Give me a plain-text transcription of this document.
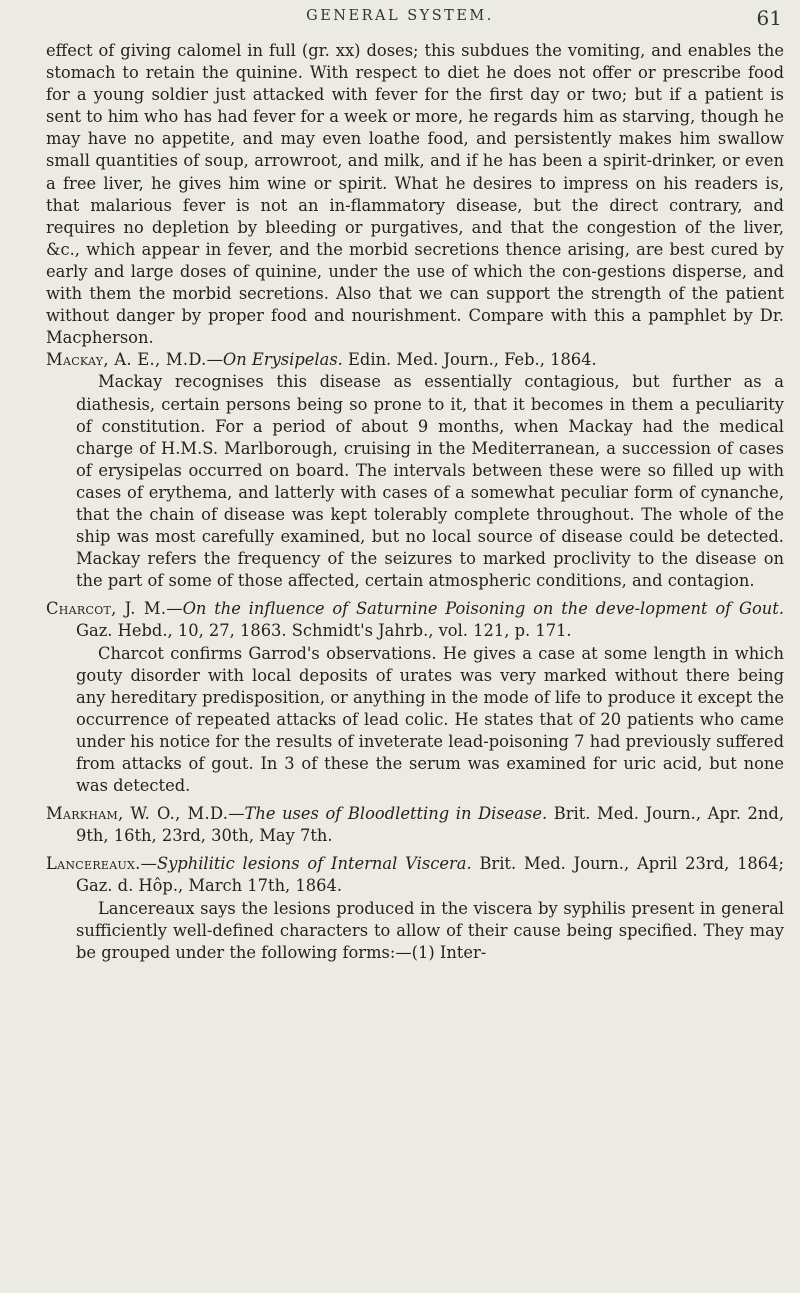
GENERAL SYSTEM.	61

effect of giving calomel in full (gr. xx) doses; this subdues the vomiting, and enables the stomach to retain the quinine. With respect to diet he does not offer or prescribe food for a young soldier just attacked with fever for the first day or two; but if a patient is sent to him who has had fever for a week or more, he regards him as starving, though he may have no appetite, and may even loathe food, and persistently makes him swallow small quantities of soup, arrowroot, and milk, and if he has been a spirit-drinker, or even a free liver, he gives him wine or spirit. What he desires to impress on his readers is, that malarious fever is not an in-flammatory disease, but the direct contrary, and requires no depletion by bleeding or purgatives, and that the congestion of the liver, &c., which appear in fever, and the morbid secretions thence arising, are best cured by early and large doses of quinine, under the use of which the con-gestions disperse, and with them the morbid secretions. Also that we can support the strength of the patient without danger by proper food and nourishment. Compare with this a pamphlet by Dr. Macpherson.

Mackay, A. E., M.D.—On Erysipelas. Edin. Med. Journ., Feb., 1864.

Mackay recognises this disease as essentially contagious, but further as a diathesis, certain persons being so prone to it, that it becomes in them a peculiarity of constitution. For a period of about 9 months, when Mackay had the medical charge of H.M.S. Marlborough, cruising in the Mediterranean, a succession of cases of erysipelas occurred on board. The intervals between these were so filled up with cases of erythema, and latterly with cases of a somewhat peculiar form of cynanche, that the chain of disease was kept tolerably complete throughout. The whole of the ship was most carefully examined, but no local source of disease could be detected. Mackay refers the frequency of the seizures to marked proclivity to the disease on the part of some of those affected, certain atmospheric conditions, and contagion.

Charcot, J. M.—On the influence of Saturnine Poisoning on the deve-lopment of Gout. Gaz. Hebd., 10, 27, 1863. Schmidt's Jahrb., vol. 121, p. 171.

Charcot confirms Garrod's observations. He gives a case at some length in which gouty disorder with local deposits of urates was very marked without there being any hereditary predisposition, or anything in the mode of life to produce it except the occurrence of repeated attacks of lead colic. He states that of 20 patients who came under his notice for the results of inveterate lead-poisoning 7 had previously suffered from attacks of gout. In 3 of these the serum was examined for uric acid, but none was detected.

Markham, W. O., M.D.—The uses of Bloodletting in Disease. Brit. Med. Journ., Apr. 2nd, 9th, 16th, 23rd, 30th, May 7th.

Lancereaux.—Syphilitic lesions of Internal Viscera. Brit. Med. Journ., April 23rd, 1864; Gaz. d. Hôp., March 17th, 1864.

Lancereaux says the lesions produced in the viscera by syphilis present in general sufficiently well-defined characters to allow of their cause being specified. They may be grouped under the following forms:—(1) Inter-
